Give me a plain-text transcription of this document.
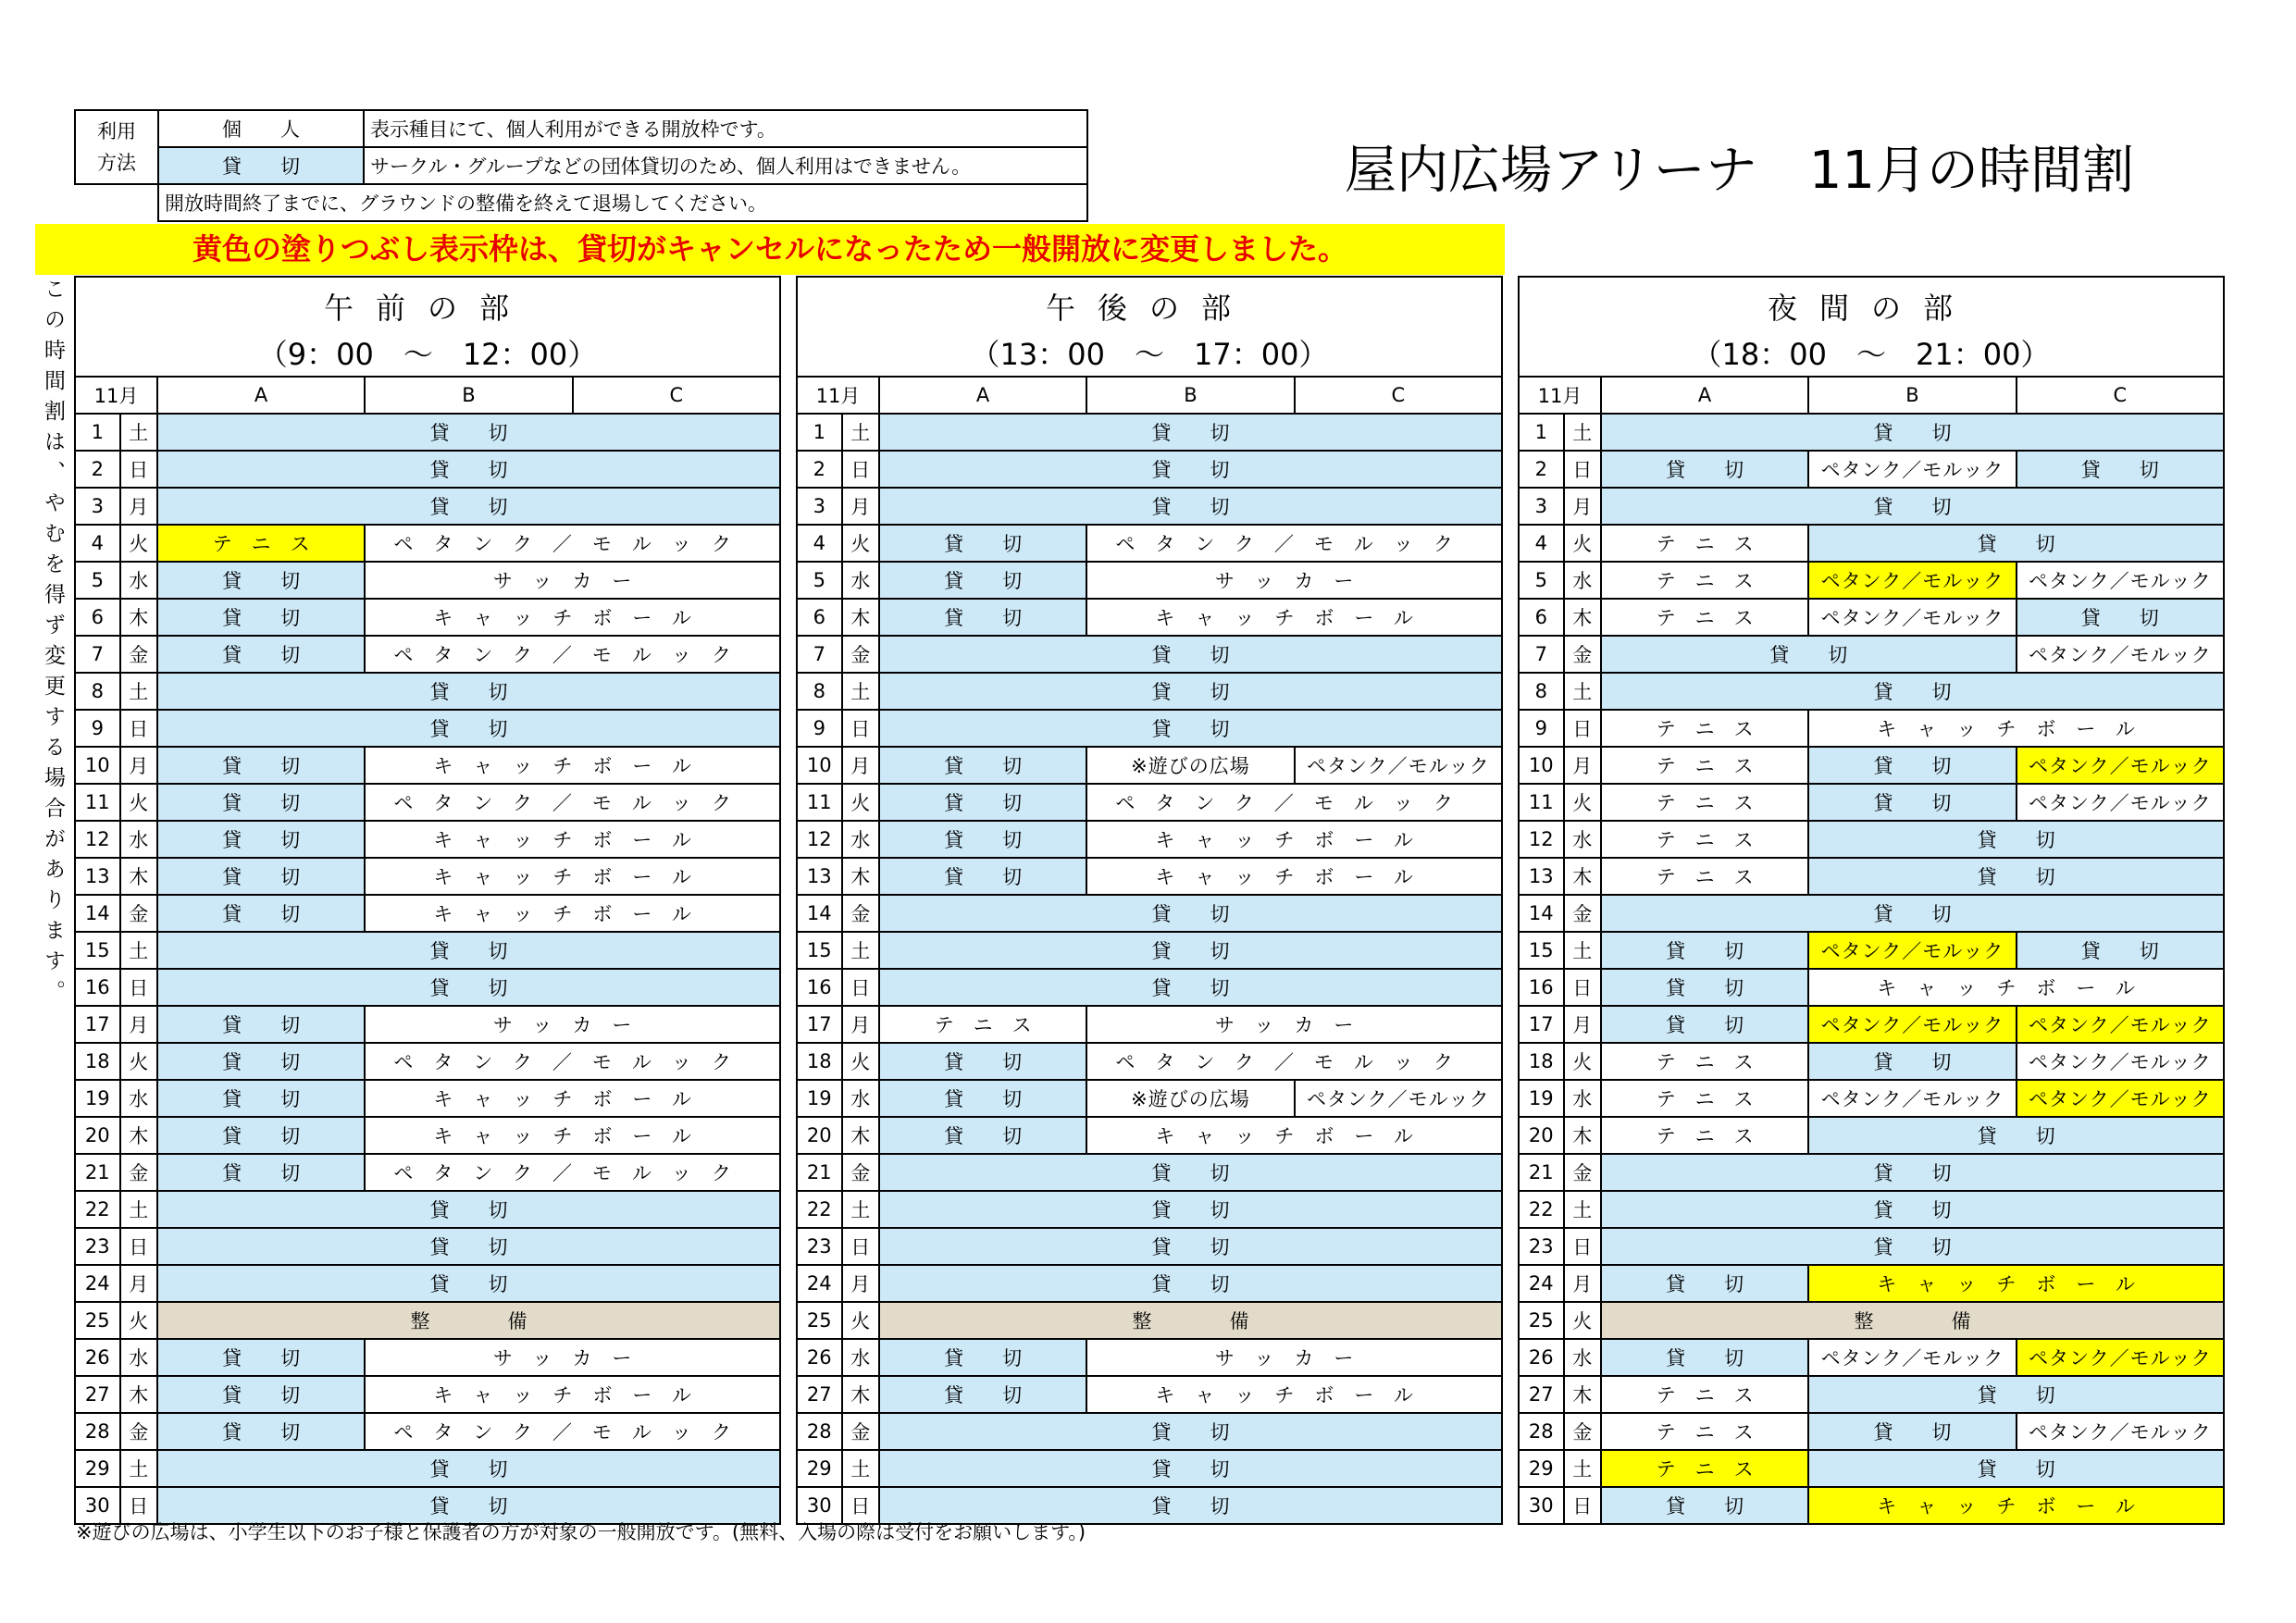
利用
方法	個　　人	表示種目にて、個人利用ができる開放枠です。
	貸　　切	サークル・グループなどの団体貸切のため、個人利用はできません。
	開放時間終了までに、グラウンドの整備を終えて退場してください。	
屋内広場アリーナ　11月の時間割
黄色の塗りつぶし表示枠は、貸切がキャンセルになったため一般開放に変更しました。
この時間割は、やむを得ず変更する場合があります。	午前の部				
（9：00　～　12：00）				
11月		A	B	C
1	土	貸　　切		
2	日	貸　　切		
3	月	貸　　切		
4	火	テ　ニ　ス	ペタンク／モルック	
5	水	貸　　切	サッカー	
6	木	貸　　切	キャッチボール	
7	金	貸　　切	ペタンク／モルック	
8	土	貸　　切		
9	日	貸　　切		
10	月	貸　　切	キャッチボール	
11	火	貸　　切	ペタンク／モルック	
12	水	貸　　切	キャッチボール	
13	木	貸　　切	キャッチボール	
14	金	貸　　切	キャッチボール	
15	土	貸　　切		
16	日	貸　　切		
17	月	貸　　切	サッカー	
18	火	貸　　切	ペタンク／モルック	
19	水	貸　　切	キャッチボール	
20	木	貸　　切	キャッチボール	
21	金	貸　　切	ペタンク／モルック	
22	土	貸　　切		
23	日	貸　　切		
24	月	貸　　切		
25	火	整　　　　備		
26	水	貸　　切	サッカー	
27	木	貸　　切	キャッチボール	
28	金	貸　　切	ペタンク／モルック	
29	土	貸　　切		
30	日	貸　　切		
午後の部				
（13：00　～　17：00）				
11月		A	B	C
1	土	貸　　切		
2	日	貸　　切		
3	月	貸　　切		
4	火	貸　　切	ペタンク／モルック	
5	水	貸　　切	サッカー	
6	木	貸　　切	キャッチボール	
7	金	貸　　切		
8	土	貸　　切		
9	日	貸　　切		
10	月	貸　　切	※遊びの広場	ペタンク／モルック
11	火	貸　　切	ペタンク／モルック	
12	水	貸　　切	キャッチボール	
13	木	貸　　切	キャッチボール	
14	金	貸　　切		
15	土	貸　　切		
16	日	貸　　切		
17	月	テ　ニ　ス	サッカー	
18	火	貸　　切	ペタンク／モルック	
19	水	貸　　切	※遊びの広場	ペタンク／モルック
20	木	貸　　切	キャッチボール	
21	金	貸　　切		
22	土	貸　　切		
23	日	貸　　切		
24	月	貸　　切		
25	火	整　　　　備		
26	水	貸　　切	サッカー	
27	木	貸　　切	キャッチボール	
28	金	貸　　切		
29	土	貸　　切		
30	日	貸　　切		
夜間の部				
（18：00　～　21：00）				
11月		A	B	C
1	土	貸　　切		
2	日	貸　　切	ペタンク／モルック	貸　　切
3	月	貸　　切		
4	火	テ　ニ　ス	貸　　切	
5	水	テ　ニ　ス	ペタンク／モルック	ペタンク／モルック
6	木	テ　ニ　ス	ペタンク／モルック	貸　　切
7	金	貸　　切		ペタンク／モルック
8	土	貸　　切		
9	日	テ　ニ　ス	キャッチボール	
10	月	テ　ニ　ス	貸　　切	ペタンク／モルック
11	火	テ　ニ　ス	貸　　切	ペタンク／モルック
12	水	テ　ニ　ス	貸　　切	
13	木	テ　ニ　ス	貸　　切	
14	金	貸　　切		
15	土	貸　　切	ペタンク／モルック	貸　　切
16	日	貸　　切	キャッチボール	
17	月	貸　　切	ペタンク／モルック	ペタンク／モルック
18	火	テ　ニ　ス	貸　　切	ペタンク／モルック
19	水	テ　ニ　ス	ペタンク／モルック	ペタンク／モルック
20	木	テ　ニ　ス	貸　　切	
21	金	貸　　切		
22	土	貸　　切		
23	日	貸　　切		
24	月	貸　　切	キャッチボール	
25	火	整　　　　備		
26	水	貸　　切	ペタンク／モルック	ペタンク／モルック
27	木	テ　ニ　ス	貸　　切	
28	金	テ　ニ　ス	貸　　切	ペタンク／モルック
29	土	テ　ニ　ス	貸　　切	
30	日	貸　　切	キャッチボール	
※遊びの広場は、小学生以下のお子様と保護者の方が対象の一般開放です。(無料、入場の際は受付をお願いします。)
